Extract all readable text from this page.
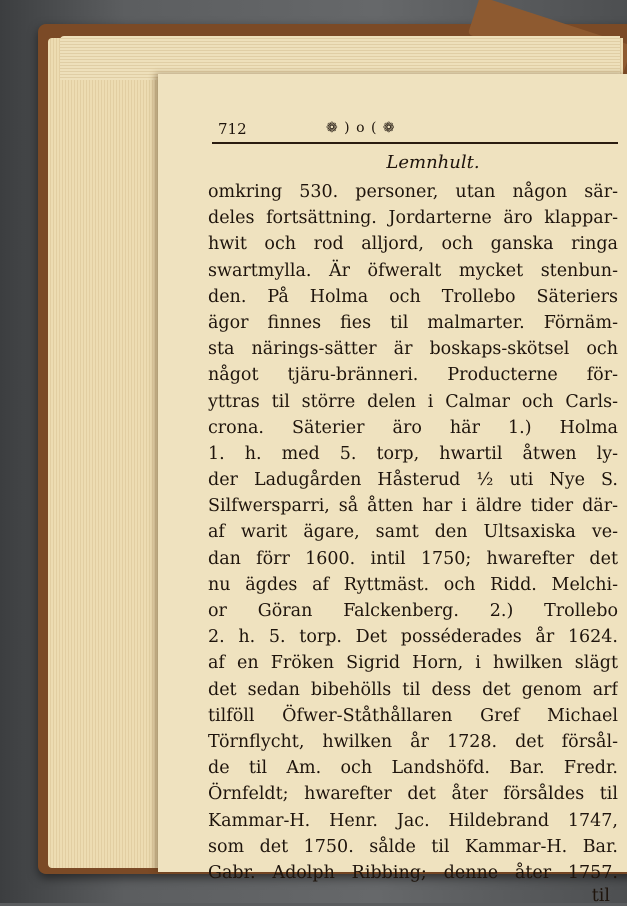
712	❁ ) o ( ❁
Lemnhult.
omkring 530. personer, utan någon sär-
deles fortsättning. Jordarterne äro klappar-
hwit och rod alljord, och ganska ringa
swartmylla. Är öfweralt mycket stenbun-
den. På Holma och Trollebo Säteriers
ägor finnes fies til malmarter. Förnäm-
sta närings-sätter är boskaps-skötsel och
något tjäru-bränneri. Producterne för-
yttras til större delen i Calmar och Carls-
crona. Säterier äro här 1.) Holma
1. h. med 5. torp, hwartil åtwen ly-
der Ladugården Håsterud ½ uti Nye S.
Silfwersparri, så åtten har i äldre tider där-
af warit ägare, samt den Ultsaxiska ve-
dan förr 1600. intil 1750; hwarefter det
nu ägdes af Ryttmäst. och Ridd. Melchi-
or Göran Falckenberg. 2.) Trollebo
2. h. 5. torp. Det posséderades år 1624.
af en Fröken Sigrid Horn, i hwilken slägt
det sedan bibehölls til dess det genom arf
tilföll Öfwer-Ståthållaren Gref Michael
Törnflycht, hwilken år 1728. det försål-
de til Am. och Landshöfd. Bar. Fredr.
Örnfeldt; hwarefter det åter försåldes til
Kammar-H. Henr. Jac. Hildebrand 1747,
som det 1750. sålde til Kammar-H. Bar.
Gabr. Adolph Ribbing; denne åter 1757.
til
